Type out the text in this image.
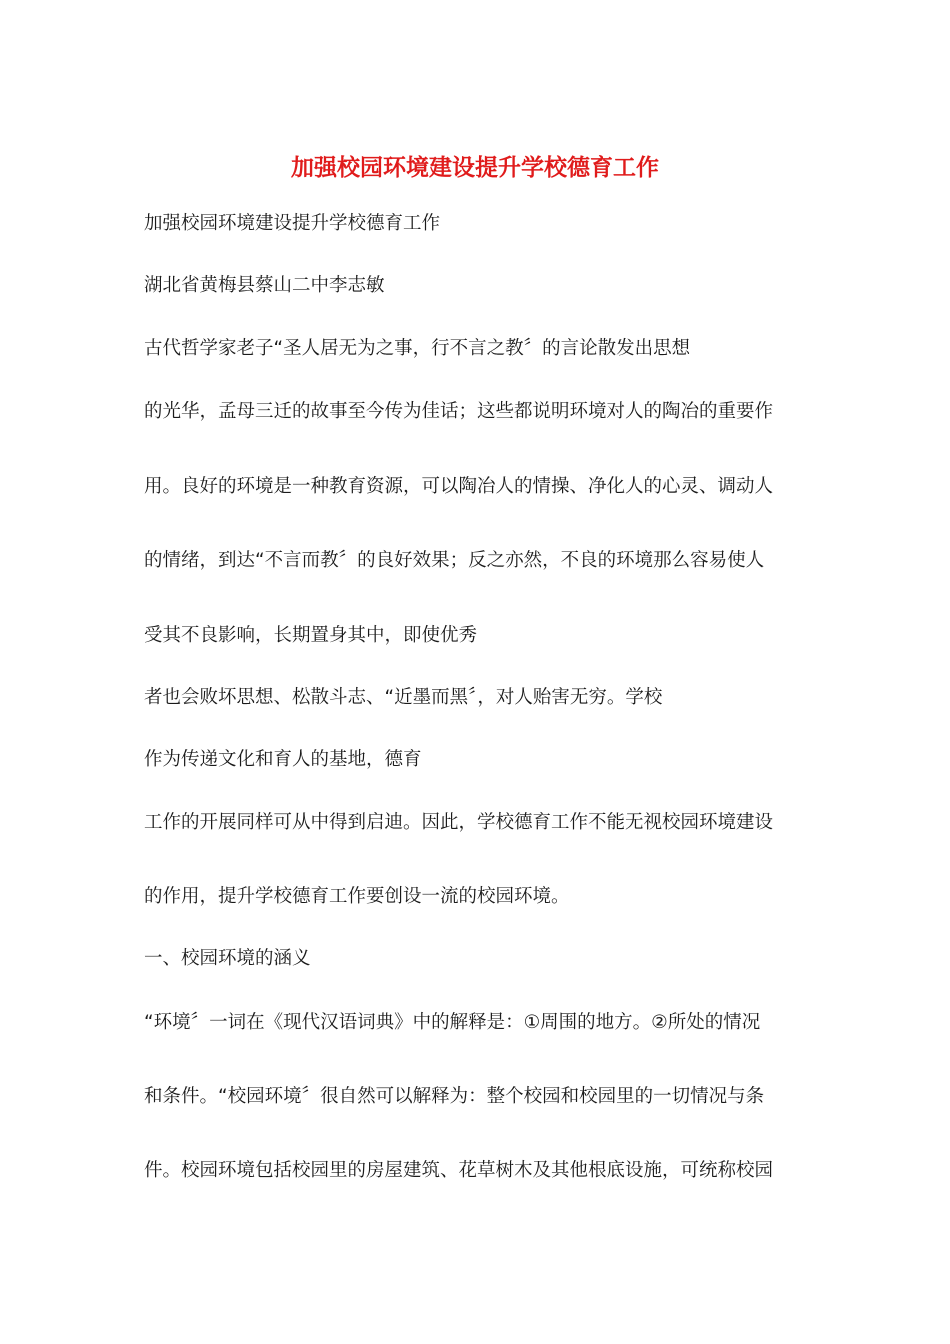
加强校园环境建设提升学校德育工作
加强校园环境建设提升学校德育工作
湖北省黄梅县蔡山二中李志敏
古代哲学家老子“圣人居无为之事，行不言之教〞的言论散发出思想
的光华，孟母三迁的故事至今传为佳话；这些都说明环境对人的陶冶的重要作
用。良好的环境是一种教育资源，可以陶冶人的情操、净化人的心灵、调动人
的情绪，到达“不言而教〞的良好效果；反之亦然，不良的环境那么容易使人
受其不良影响，长期置身其中，即使优秀
者也会败坏思想、松散斗志、“近墨而黑〞，对人贻害无穷。学校
作为传递文化和育人的基地，德育
工作的开展同样可从中得到启迪。因此，学校德育工作不能无视校园环境建设
的作用，提升学校德育工作要创设一流的校园环境。
一、校园环境的涵义
“环境〞一词在《现代汉语词典》中的解释是：①周围的地方。②所处的情况
和条件。“校园环境〞很自然可以解释为：整个校园和校园里的一切情况与条
件。校园环境包括校园里的房屋建筑、花草树木及其他根底设施，可统称校园
